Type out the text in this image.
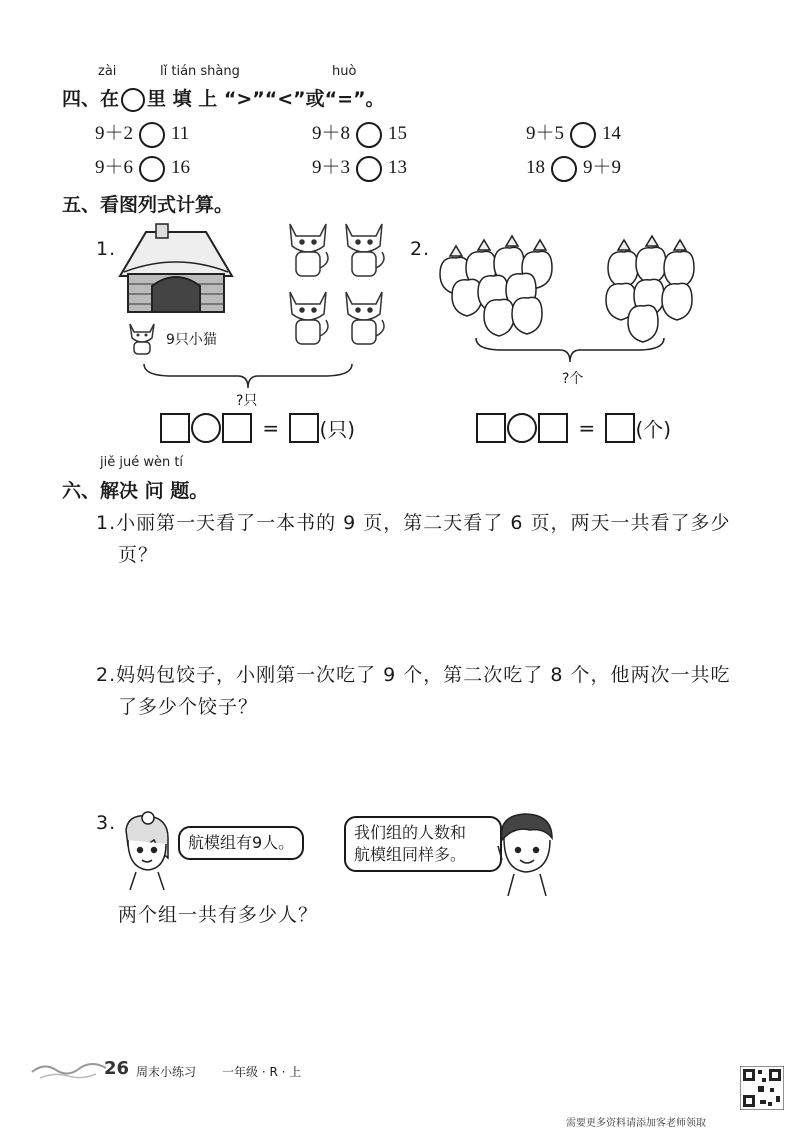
zài	lǐ tián shàng	huò
四、在 里 填 上 “>”“<”或“=”。
9＋2 11	9＋8 15	9＋5 14
9＋6 16	9＋3 13	18 9＋9
五、看图列式计算。
1.
9只小猫
?只
= (只)
2.
?个
= (个)
jiě jué wèn tí
六、解决 问 题。
1.小丽第一天看了一本书的 9 页，第二天看了 6 页，两天一共看了多少
页？
2.妈妈包饺子，小刚第一次吃了 9 个，第二次吃了 8 个，他两次一共吃
了多少个饺子？
3.
航模组有9人。
我们组的人数和
航模组同样多。
两个组一共有多少人？
26 周末小练习 一年级 · R · 上
需要更多资料请添加客老师领取
